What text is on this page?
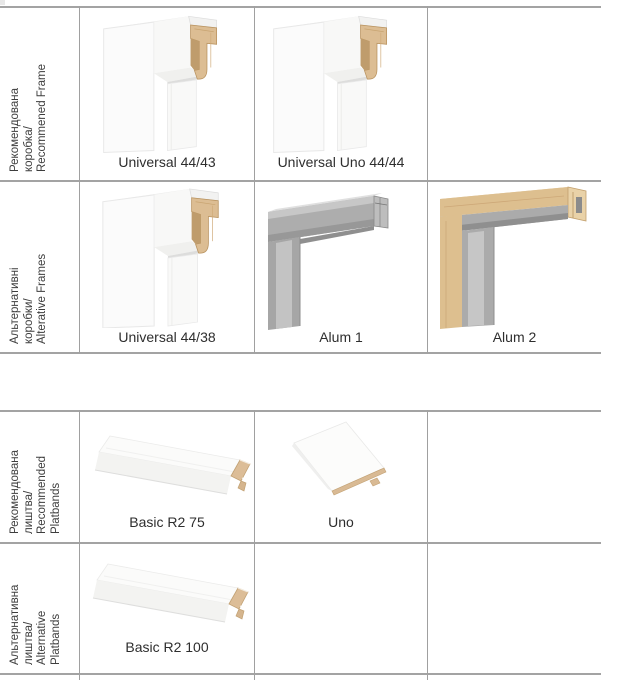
Рекомендована коробка/ Recommened Frame	Universal 44/43	Universal Uno 44/44
Альтернативні коробки/ Alterative Frames	Universal 44/38	Alum 1	Alum 2
Рекомендована лиштва/ Recommended Platbands	Basic R2 75	Uno
Альтернативна лиштва/ Alternative Platbands	Basic R2 100
